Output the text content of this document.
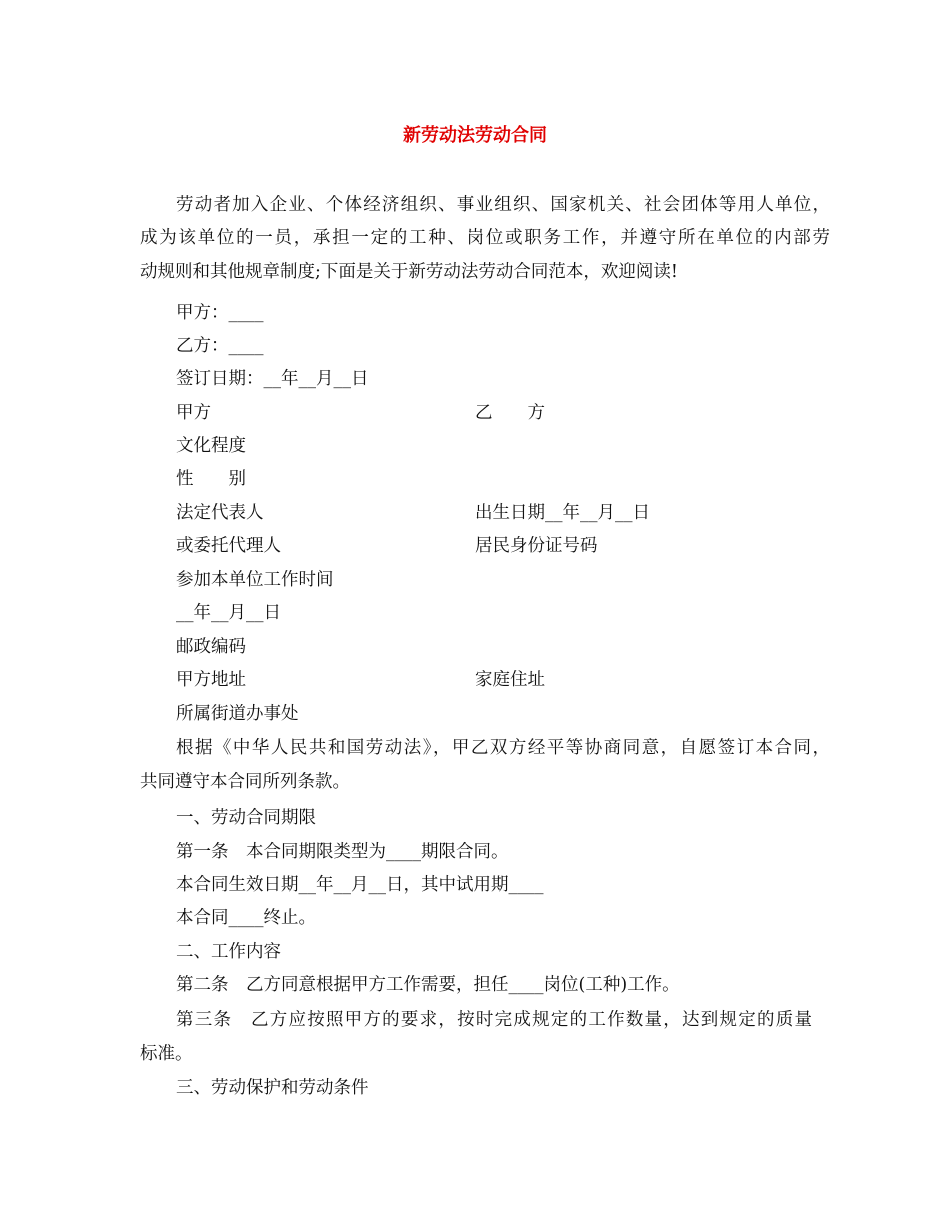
新劳动法劳动合同
劳动者加入企业、个体经济组织、事业组织、国家机关、社会团体等用人单位，
成为该单位的一员，承担一定的工种、岗位或职务工作，并遵守所在单位的内部劳
动规则和其他规章制度;下面是关于新劳动法劳动合同范本，欢迎阅读!
甲方：____
乙方：____
签订日期：__年__月__日
甲方	乙　　方
文化程度
性　　别
法定代表人	出生日期__年__月__日
或委托代理人	居民身份证号码
参加本单位工作时间
__年__月__日
邮政编码
甲方地址	家庭住址
所属街道办事处
根据《中华人民共和国劳动法》，甲乙双方经平等协商同意，自愿签订本合同，
共同遵守本合同所列条款。
一、劳动合同期限
第一条　本合同期限类型为____期限合同。
本合同生效日期__年__月__日，其中试用期____
本合同____终止。
二、工作内容
第二条　乙方同意根据甲方工作需要，担任____岗位(工种)工作。
第三条　乙方应按照甲方的要求，按时完成规定的工作数量，达到规定的质量
标准。
三、劳动保护和劳动条件
